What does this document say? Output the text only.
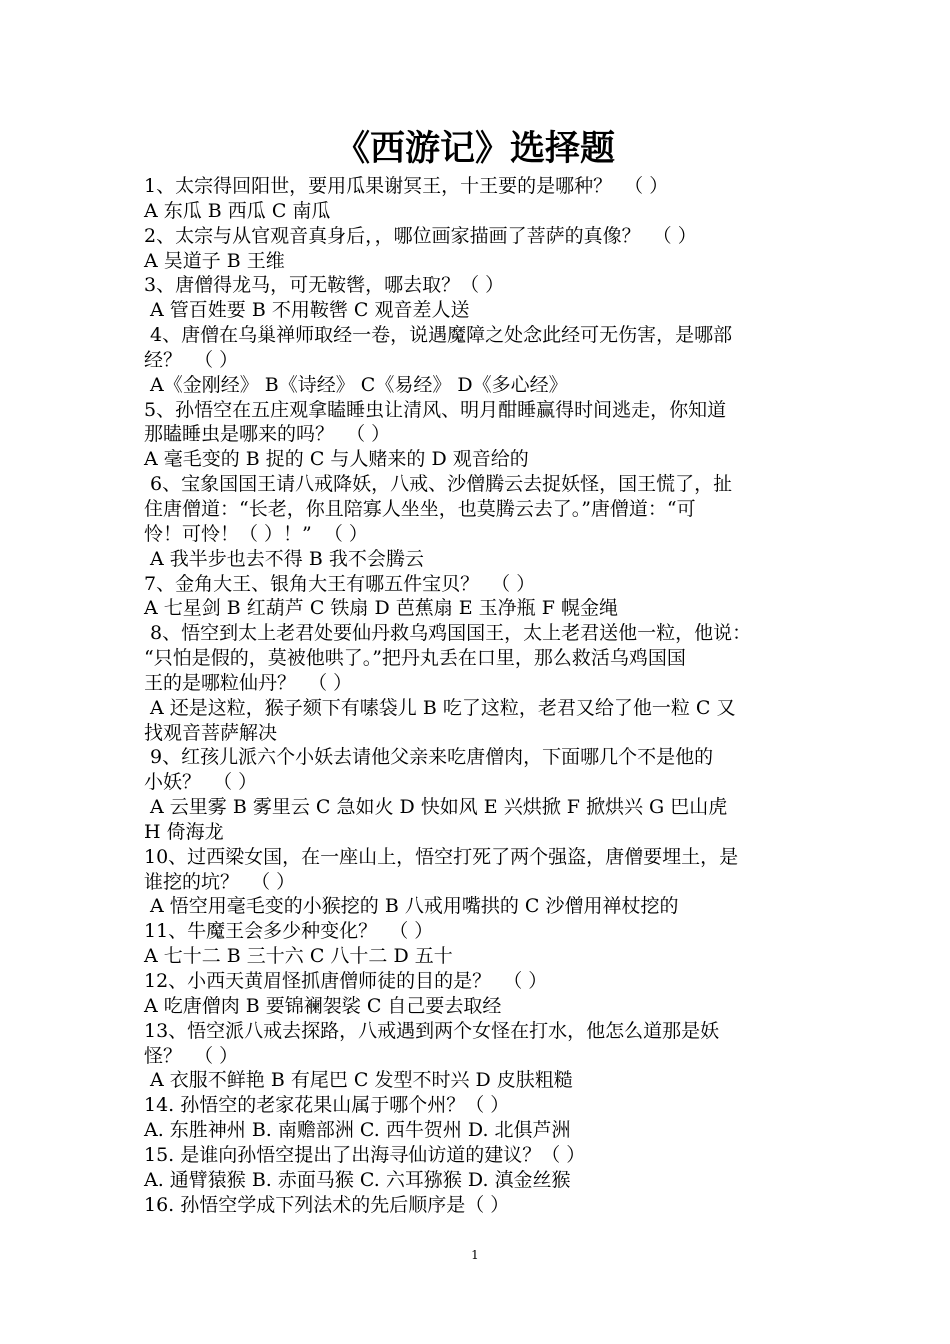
《西游记》选择题
1、太宗得回阳世，要用瓜果谢冥王，十王要的是哪种？  （ ）
A 东瓜 B 西瓜 C 南瓜
2、太宗与从官观音真身后，，哪位画家描画了菩萨的真像？  （ ）
A 吴道子 B 王维
3、唐僧得龙马，可无鞍辔，哪去取？（ ）
A 管百姓要 B 不用鞍辔 C 观音差人送
4、唐僧在乌巢禅师取经一卷，说遇魔障之处念此经可无伤害，是哪部
经？  （ ）
A《金刚经》 B《诗经》 C《易经》 D《多心经》
5、孙悟空在五庄观拿瞌睡虫让清风、明月酣睡赢得时间逃走，你知道
那瞌睡虫是哪来的吗？  （ ）
A 毫毛变的 B 捉的 C 与人赌来的 D 观音给的
6、宝象国国王请八戒降妖，八戒、沙僧腾云去捉妖怪，国王慌了，扯
住唐僧道：“长老，你且陪寡人坐坐，也莫腾云去了。”唐僧道：“可
怜！可怜！（ ）！”  （ ）
A 我半步也去不得 B 我不会腾云
7、金角大王、银角大王有哪五件宝贝？  （ ）
A 七星剑 B 红葫芦 C 铁扇 D 芭蕉扇 E 玉净瓶 F 幌金绳
8、悟空到太上老君处要仙丹救乌鸡国国王，太上老君送他一粒，他说：
“只怕是假的，莫被他哄了。”把丹丸丢在口里，那么救活乌鸡国国
王的是哪粒仙丹？  （ ）
A 还是这粒，猴子颏下有嗉袋儿 B 吃了这粒，老君又给了他一粒 C 又
找观音菩萨解决
9、红孩儿派六个小妖去请他父亲来吃唐僧肉，下面哪几个不是他的
小妖？  （ ）
A 云里雾 B 雾里云 C 急如火 D 快如风 E 兴烘掀 F 掀烘兴 G 巴山虎
H 倚海龙
10、过西梁女国，在一座山上，悟空打死了两个强盗，唐僧要埋土，是
谁挖的坑？  （ ）
A 悟空用毫毛变的小猴挖的 B 八戒用嘴拱的 C 沙僧用禅杖挖的
11、牛魔王会多少种变化？  （ ）
A 七十二 B 三十六 C 八十二 D 五十
12、小西天黄眉怪抓唐僧师徒的目的是？  （ ）
A 吃唐僧肉 B 要锦襕袈裟 C 自己要去取经
13、悟空派八戒去探路，八戒遇到两个女怪在打水，他怎么道那是妖
怪？  （ ）
A 衣服不鲜艳 B 有尾巴 C 发型不时兴 D 皮肤粗糙
14. 孙悟空的老家花果山属于哪个州？（ ）
A. 东胜神州 B. 南赡部洲 C. 西牛贺州 D. 北俱芦洲
15. 是谁向孙悟空提出了出海寻仙访道的建议？（ ）
A. 通臂猿猴 B. 赤面马猴 C. 六耳猕猴 D. 滇金丝猴
16. 孙悟空学成下列法术的先后顺序是（ ）
1
